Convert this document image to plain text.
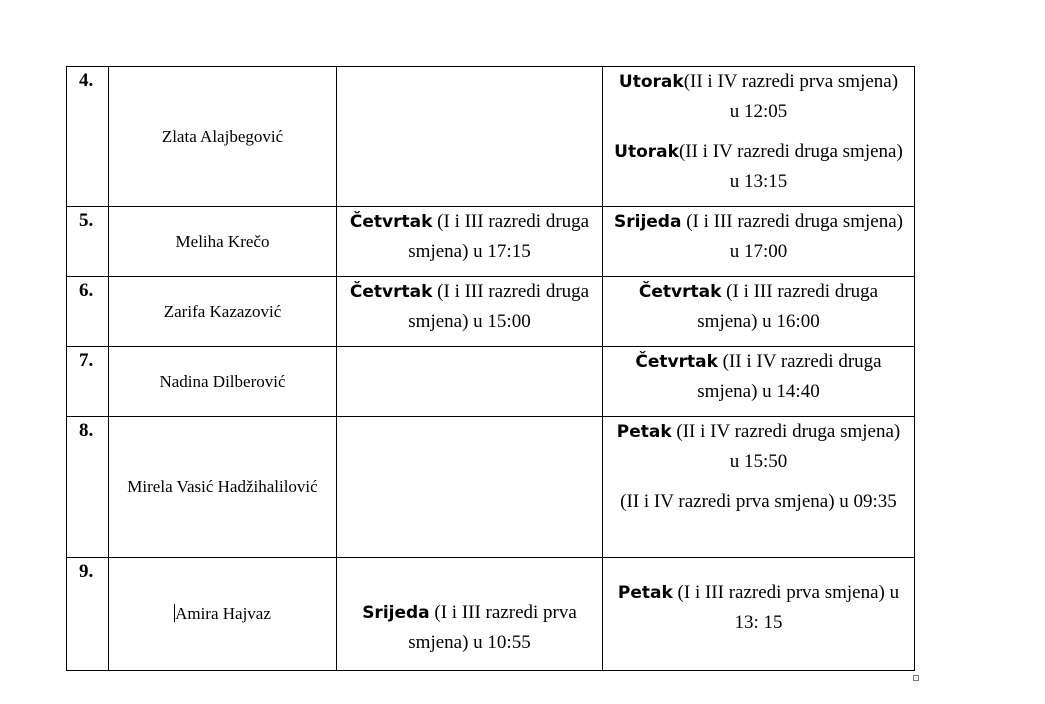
4.	Zlata Alajbegović		Utorak(II i IV razredi prva smjena) u 12:05

Utorak(II i IV razredi druga smjena) u 13:15

5.	Meliha Krečo	Četvrtak (I i III razredi druga smjena) u 17:15	Srijeda (I i III razredi druga smjena) u 17:00

6.	Zarifa Kazazović	Četvrtak (I i III razredi druga smjena) u 15:00	Četvrtak (I i III razredi druga smjena) u 16:00

7.	Nadina Dilberović		Četvrtak (II i IV razredi druga smjena) u 14:40

8.	Mirela Vasić Hadžihalilović		Petak (II i IV razredi druga smjena) u 15:50

(II i IV razredi prva smjena) u 09:35

9.	Amira Hajvaz	Srijeda (I i III razredi prva smjena) u 10:55	Petak (I i III razredi prva smjena) u 13: 15
